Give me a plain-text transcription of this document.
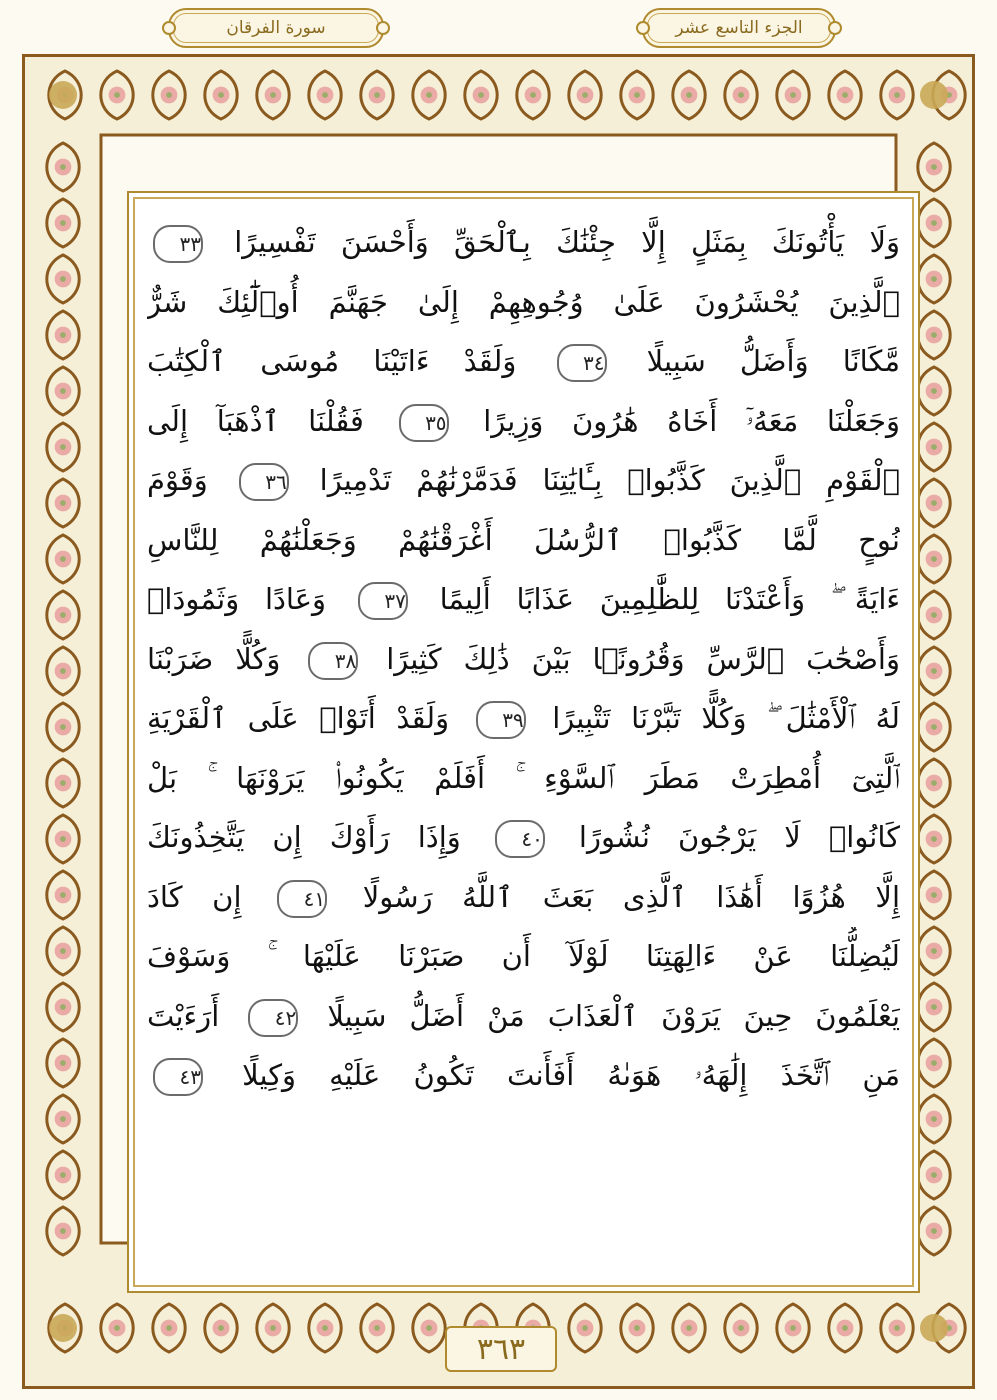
سورة الفرقان	الجزء التاسع عشر
وَلَا يَأْتُونَكَ بِمَثَلٍ إِلَّا جِئْنَٰكَ بِٱلْحَقِّ وَأَحْسَنَ تَفْسِيرًا ٣٣
ٱلَّذِينَ يُحْشَرُونَ عَلَىٰ وُجُوهِهِمْ إِلَىٰ جَهَنَّمَ أُو۟لَٰٓئِكَ شَرٌّ
مَّكَانًا وَأَضَلُّ سَبِيلًا ٣٤ وَلَقَدْ ءَاتَيْنَا مُوسَى ٱلْكِتَٰبَ
وَجَعَلْنَا مَعَهُۥٓ أَخَاهُ هَٰرُونَ وَزِيرًا ٣٥ فَقُلْنَا ٱذْهَبَآ إِلَى
ٱلْقَوْمِ ٱلَّذِينَ كَذَّبُوا۟ بِـَٔايَٰتِنَا فَدَمَّرْنَٰهُمْ تَدْمِيرًا ٣٦ وَقَوْمَ
نُوحٍ لَّمَّا كَذَّبُوا۟ ٱلرُّسُلَ أَغْرَقْنَٰهُمْ وَجَعَلْنَٰهُمْ لِلنَّاسِ
ءَايَةً ۖ وَأَعْتَدْنَا لِلظَّٰلِمِينَ عَذَابًا أَلِيمًا ٣٧ وَعَادًا وَثَمُودَا۟
وَأَصْحَٰبَ ٱلرَّسِّ وَقُرُونًۢا بَيْنَ ذَٰلِكَ كَثِيرًا ٣٨ وَكُلًّا ضَرَبْنَا
لَهُ ٱلْأَمْثَٰلَ ۖ وَكُلًّا تَبَّرْنَا تَتْبِيرًا ٣٩ وَلَقَدْ أَتَوْا۟ عَلَى ٱلْقَرْيَةِ
ٱلَّتِىٓ أُمْطِرَتْ مَطَرَ ٱلسَّوْءِ ۚ أَفَلَمْ يَكُونُوا۟ يَرَوْنَهَا ۚ بَلْ
كَانُوا۟ لَا يَرْجُونَ نُشُورًا ٤٠ وَإِذَا رَأَوْكَ إِن يَتَّخِذُونَكَ
إِلَّا هُزُوًا أَهَٰذَا ٱلَّذِى بَعَثَ ٱللَّهُ رَسُولًا ٤١ إِن كَادَ
لَيُضِلُّنَا عَنْ ءَالِهَتِنَا لَوْلَآ أَن صَبَرْنَا عَلَيْهَا ۚ وَسَوْفَ
يَعْلَمُونَ حِينَ يَرَوْنَ ٱلْعَذَابَ مَنْ أَضَلُّ سَبِيلًا ٤٢ أَرَءَيْتَ
مَنِ ٱتَّخَذَ إِلَٰهَهُۥ هَوَىٰهُ أَفَأَنتَ تَكُونُ عَلَيْهِ وَكِيلًا ٤٣
٣٦٣
